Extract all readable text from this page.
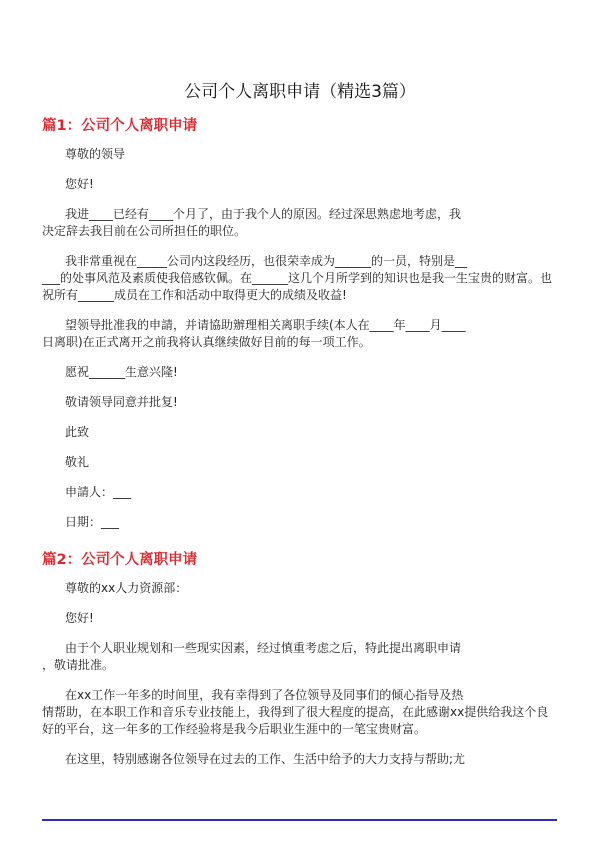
公司个人离职申请（精选3篇）
篇1：公司个人离职申请
尊敬的领导
您好!
我进____已经有____个月了，由于我个人的原因。经过深思熟虑地考虑，我
决定辞去我目前在公司所担任的职位。
我非常重视在_____公司内这段经历，也很荣幸成为______的一员，特别是__
___的处事风范及素质使我倍感钦佩。在______这几个月所学到的知识也是我一生宝贵的财富。也
祝所有______成员在工作和活动中取得更大的成绩及收益!
望领导批准我的申請，并请協助辦理相关离职手续(本人在____年____月____
日离职)在正式离开之前我将认真继续做好目前的每一项工作。
愿祝______生意兴隆!
敬请领导同意并批复!
此致
敬礼
申請人：___
日期：___
篇2：公司个人离职申请
尊敬的xx人力资源部：
您好!
由于个人职业规划和一些现实因素，经过慎重考虑之后，特此提出离职申请
，敬请批准。
在xx工作一年多的时间里，我有幸得到了各位领导及同事们的倾心指导及热
情帮助，在本职工作和音乐专业技能上，我得到了很大程度的提高，在此感谢xx提供给我这个良
好的平台，这一年多的工作经验将是我今后职业生涯中的一笔宝贵财富。
在这里，特别感谢各位领导在过去的工作、生活中给予的大力支持与帮助;尤
